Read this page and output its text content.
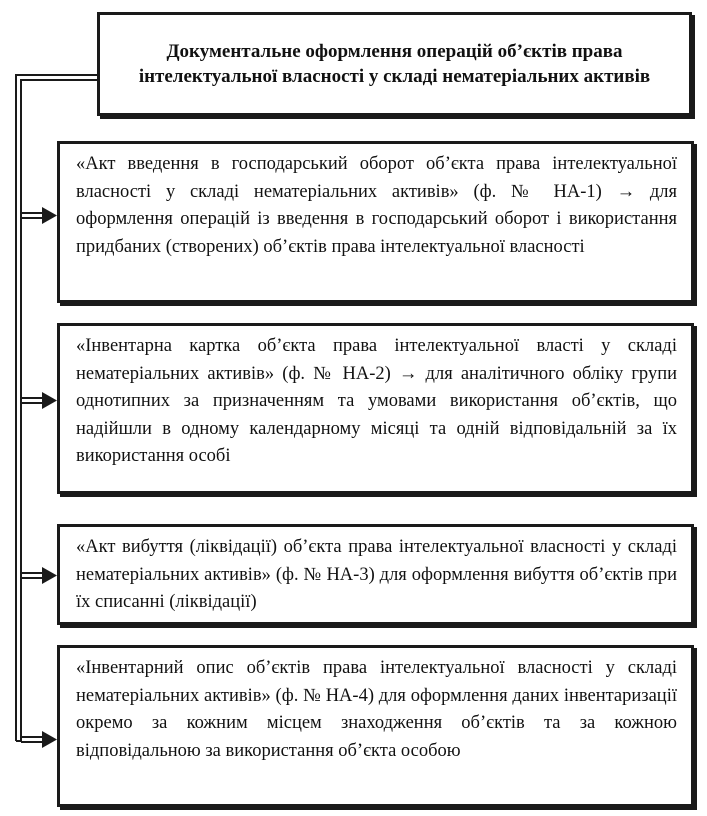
Документальне оформлення операцій об’єктів права інтелектуальної власності у складі нематеріальних активів
«Акт введення в господарський оборот об’єкта права інтелектуальної власності у складі нематеріальних активів» (ф. № НА-1) → для оформлення операцій із введення в господарський оборот і використання придбаних (створених) об’єктів права інтелектуальної власності
«Інвентарна картка об’єкта права інтелектуальної власті у складі нематеріальних активів» (ф. № НА-2) → для аналітичного обліку групи однотипних за призначенням та умовами використання об’єктів, що надійшли в одному календарному місяці та одній відповідальній за їх використання особі
«Акт вибуття (ліквідації) об’єкта права інтелектуальної власності у складі нематеріальних активів» (ф. № НА-3) для оформлення вибуття об’єктів при їх списанні (ліквідації)
«Інвентарний опис об’єктів права інтелектуальної власності у складі нематеріальних активів» (ф. № НА-4) для оформлення даних інвентаризації окремо за кожним місцем знаходження об’єктів та за кожною відповідальною за використання об’єкта особою
